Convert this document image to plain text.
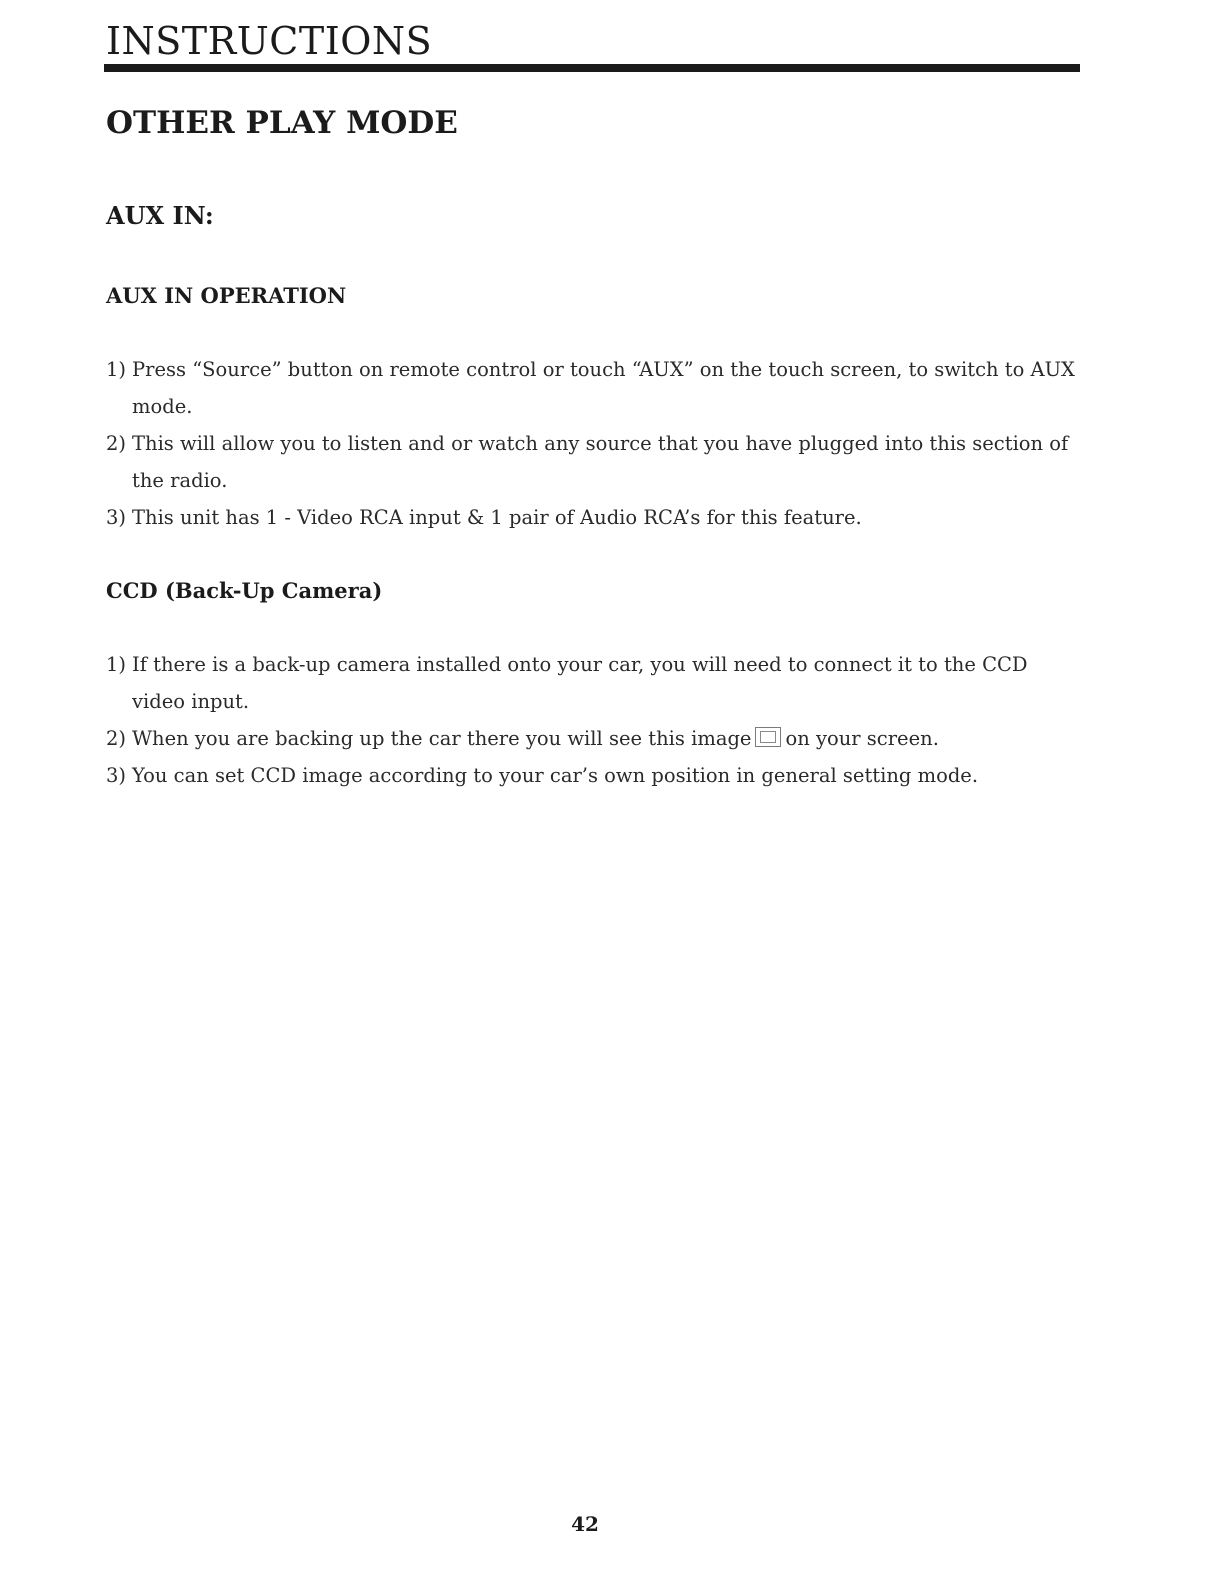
INSTRUCTIONS
OTHER PLAY MODE
AUX IN:
AUX IN OPERATION
1) Press “Source” button on remote control or touch “AUX” on the touch screen, to switch to AUX mode.
2) This will allow you to listen and or watch any source that you have plugged into this section of the radio.
3) This unit has 1 - Video RCA input & 1 pair of Audio RCA’s for this feature.
CCD (Back-Up Camera)
1) If there is a back-up camera installed onto your car, you will need to connect it to the CCD video input.
2) When you are backing up the car there you will see this image on your screen.
3) You can set CCD image according to your car’s own position in general setting mode.
42
